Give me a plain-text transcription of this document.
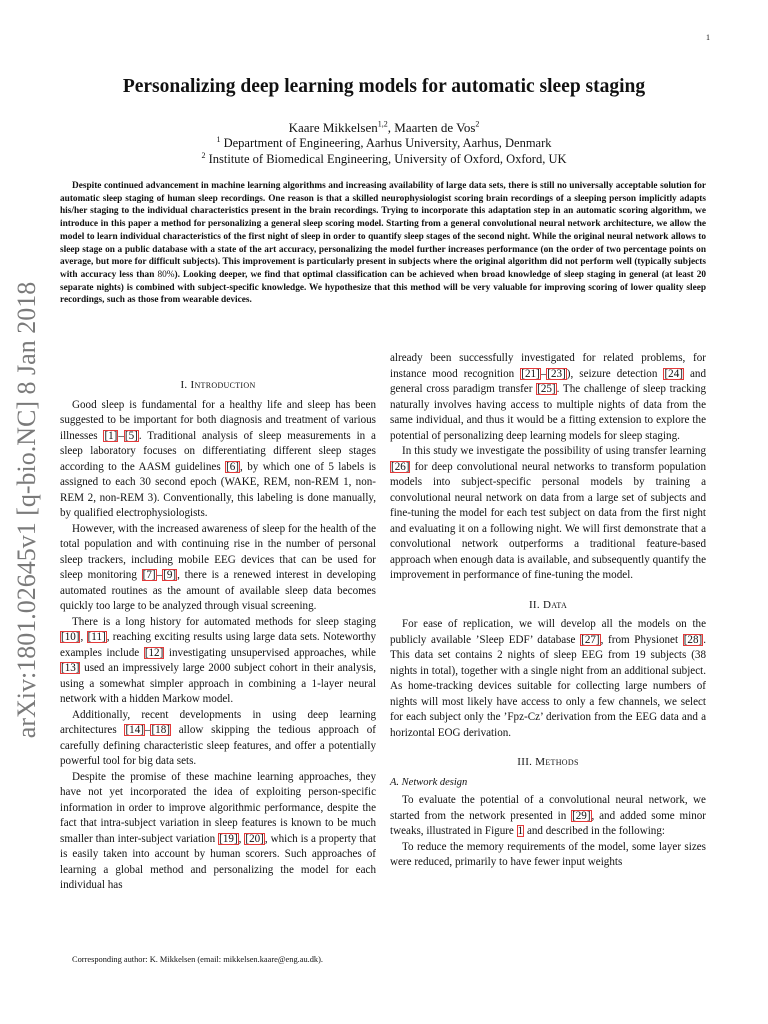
1
arXiv:1801.02645v1 [q-bio.NC] 8 Jan 2018
Personalizing deep learning models for automatic sleep staging
Kaare Mikkelsen$^{1,2}$, Maarten de Vos$^2$
$^1$ Department of Engineering, Aarhus University, Aarhus, Denmark
$^2$ Institute of Biomedical Engineering, University of Oxford, Oxford, UK

Despite continued advancement in machine learning algorithms and increasing availability of large data sets, there is still no universally acceptable solution for automatic sleep staging of human sleep recordings. One reason is that a skilled neurophysiologist scoring brain recordings of a sleeping person implicitly adapts his/her staging to the individual characteristics present in the brain recordings. Trying to incorporate this adaptation step in an automatic scoring algorithm, we introduce in this paper a method for personalizing a general sleep scoring model. Starting from a general convolutional neural network architecture, we allow the model to learn individual characteristics of the first night of sleep in order to quantify sleep stages of the second night. While the original neural network allows to sleep stage on a public database with a state of the art accuracy, personalizing the model further increases performance (on the order of two percentage points on average, but more for difficult subjects). This improvement is particularly present in subjects where the original algorithm did not perform well (typically subjects with accuracy less than 80%). Looking deeper, we find that optimal classification can be achieved when broad knowledge of sleep staging in general (at least 20 separate nights) is combined with subject-specific knowledge. We hypothesize that this method will be very valuable for improving scoring of lower quality sleep recordings, such as those from wearable devices.

I. Introduction

Good sleep is fundamental for a healthy life and sleep has been suggested to be important for both diagnosis and treatment of various illnesses [1]–[5]. Traditional analysis of sleep measurements in a sleep laboratory focuses on differentiating different sleep stages according to the AASM guidelines [6], by which one of 5 labels is assigned to each 30 second epoch (WAKE, REM, non-REM 1, non-REM 2, non-REM 3). Conventionally, this labeling is done manually, by qualified electrophysiologists.

However, with the increased awareness of sleep for the health of the total population and with continuing rise in the number of personal sleep trackers, including mobile EEG devices that can be used for sleep monitoring [7]–[9], there is a renewed interest in developing automated routines as the amount of available sleep data becomes quickly too large to be analyzed through visual screening.

There is a long history for automated methods for sleep staging [10], [11], reaching exciting results using large data sets. Noteworthy examples include [12] investigating unsupervised approaches, while [13] used an impressively large 2000 subject cohort in their analysis, using a somewhat simpler approach in combining a 1-layer neural network with a hidden Markow model.

Additionally, recent developments in using deep learning architectures [14]–[18] allow skipping the tedious approach of carefully defining characteristic sleep features, and offer a potentially powerful tool for big data sets.

Despite the promise of these machine learning approaches, they have not yet incorporated the idea of exploiting person-specific information in order to improve algorithmic performance, despite the fact that intra-subject variation in sleep features is known to be much smaller than inter-subject variation [19], [20], which is a property that is easily taken into account by human scorers. Such approaches of learning a global method and personalizing the model for each individual has

already been successfully investigated for related problems, for instance mood recognition [21]–[23]), seizure detection [24] and general cross paradigm transfer [25]. The challenge of sleep tracking naturally involves having access to multiple nights of data from the same individual, and thus it would be a fitting extension to explore the potential of personalizing deep learning models for sleep staging.

In this study we investigate the possibility of using transfer learning [26] for deep convolutional neural networks to transform population models into subject-specific personal models by training a convolutional neural network on data from a large set of subjects and fine-tuning the model for each test subject on data from the first night and evaluating it on a following night. We will first demonstrate that a convolutional network outperforms a traditional feature-based approach when enough data is available, and subsequently quantify the improvement in performance of fine-tuning the model.

II. Data

For ease of replication, we will develop all the models on the publicly available ’Sleep EDF’ database [27], from Physionet [28]. This data set contains 2 nights of sleep EEG from 19 subjects (38 nights in total), together with a single night from an additional subject. As home-tracking devices suitable for collecting large numbers of nights will most likely have access to only a few channels, we select for each subject only the ’Fpz-Cz’ derivation from the EEG data and a horizontal EOG derivation.

III. Methods
A. Network design

To evaluate the potential of a convolutional neural network, we started from the network presented in [29], and added some minor tweaks, illustrated in Figure 1 and described in the following:

To reduce the memory requirements of the model, some layer sizes were reduced, primarily to have fewer input weights

Corresponding author: K. Mikkelsen (email: mikkelsen.kaare@eng.au.dk).
